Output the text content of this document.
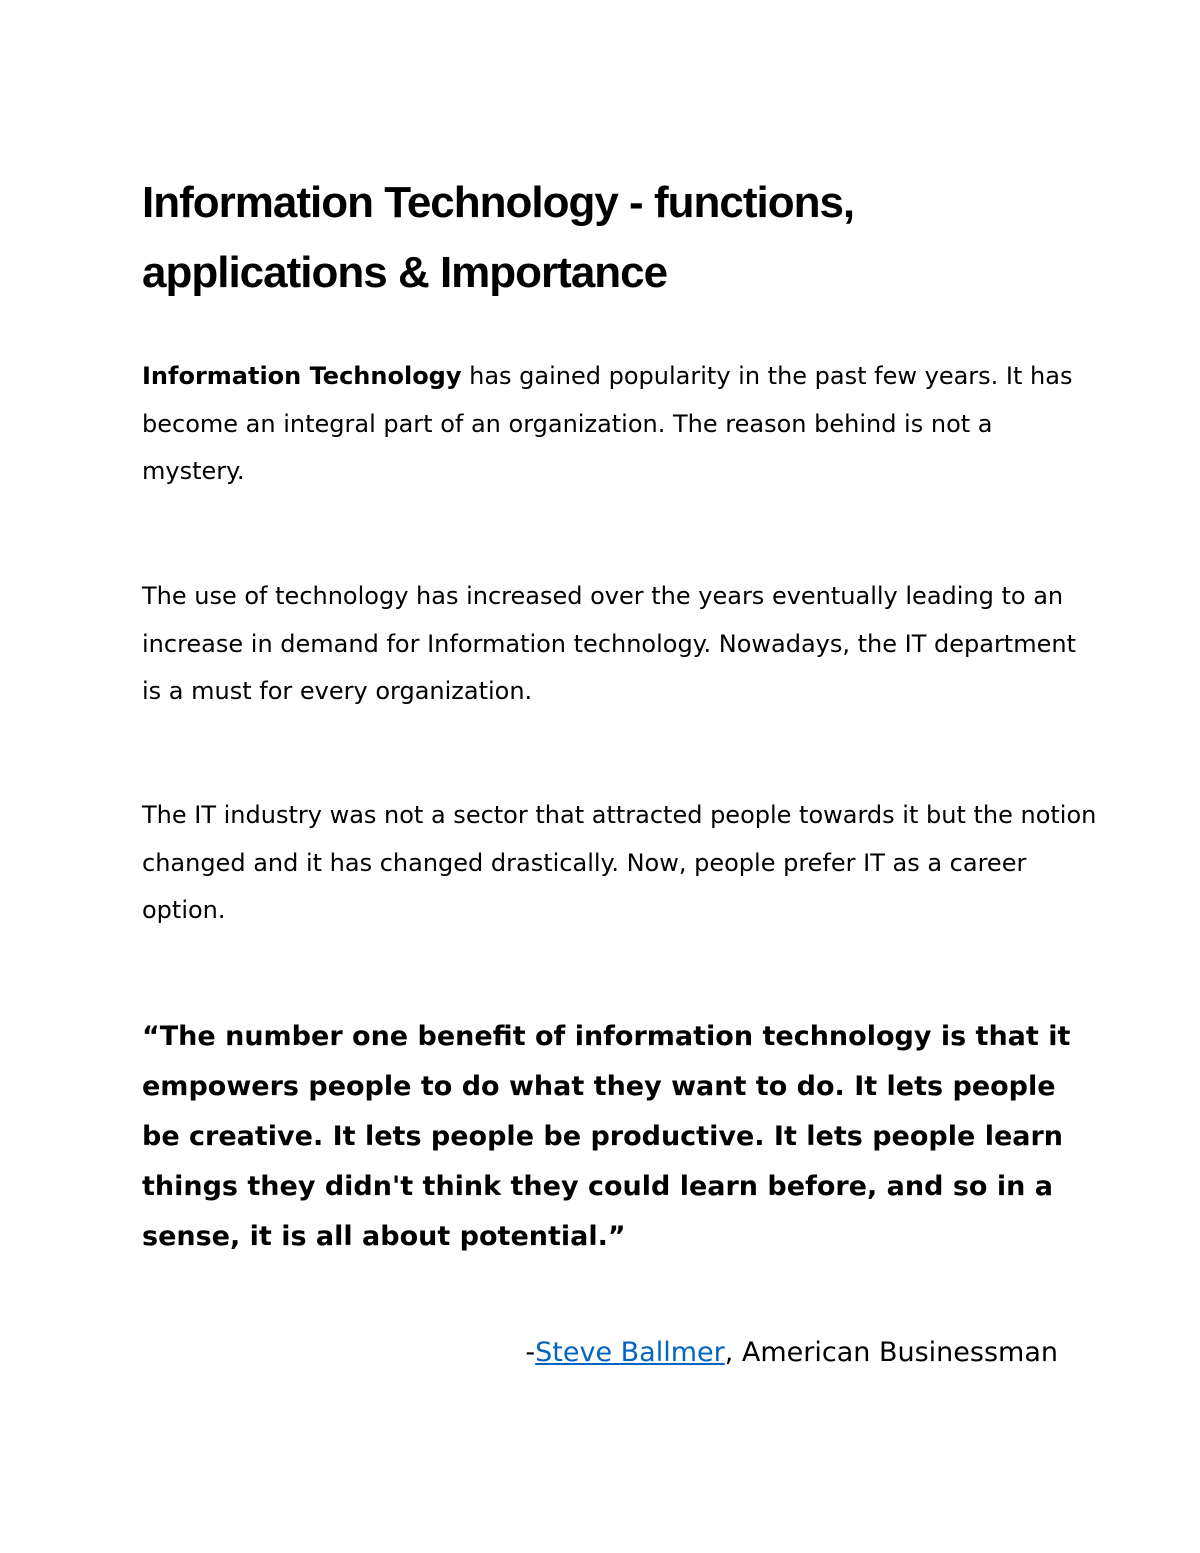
Information Technology - functions, applications & Importance

Information Technology has gained popularity in the past few years. It has become an integral part of an organization. The reason behind is not a mystery.

The use of technology has increased over the years eventually leading to an increase in demand for Information technology. Nowadays, the IT department is a must for every organization.

The IT industry was not a sector that attracted people towards it but the notion changed and it has changed drastically. Now, people prefer IT as a career option.

“The number one benefit of information technology is that it empowers people to do what they want to do. It lets people be creative. It lets people be productive. It lets people learn things they didn't think they could learn before, and so in a sense, it is all about potential.”

-Steve Ballmer, American Businessman
